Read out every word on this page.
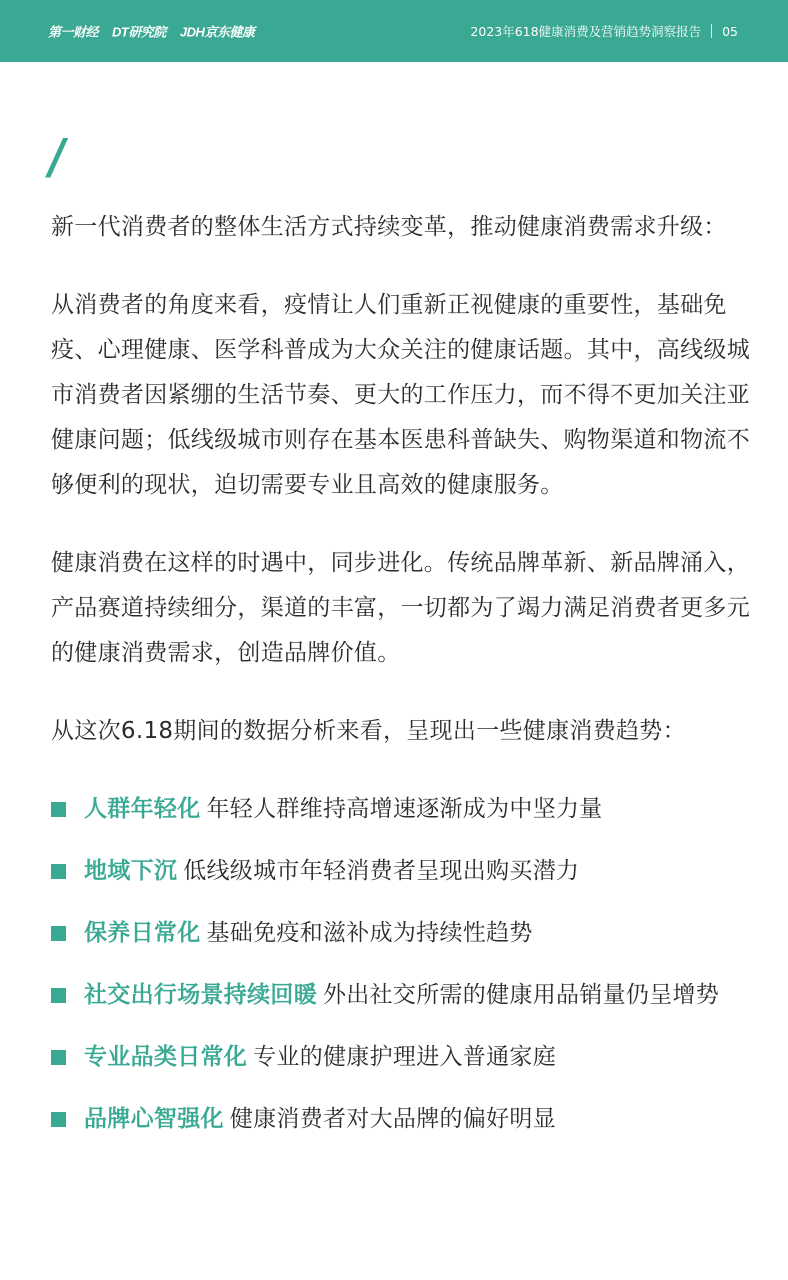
第一财经 DT研究院 JDH京东健康	2023年618健康消费及营销趋势洞察报告 05
/

新一代消费者的整体生活方式持续变革，推动健康消费需求升级：

从消费者的角度来看，疫情让人们重新正视健康的重要性，基础免疫、心理健康、医学科普成为大众关注的健康话题。其中，高线级城市消费者因紧绷的生活节奏、更大的工作压力，而不得不更加关注亚健康问题；低线级城市则存在基本医患科普缺失、购物渠道和物流不够便利的现状，迫切需要专业且高效的健康服务。

健康消费在这样的时遇中，同步进化。传统品牌革新、新品牌涌入，产品赛道持续细分，渠道的丰富，一切都为了竭力满足消费者更多元的健康消费需求，创造品牌价值。

从这次6.18期间的数据分析来看，呈现出一些健康消费趋势：

人群年轻化 年轻人群维持高增速逐渐成为中坚力量
地域下沉 低线级城市年轻消费者呈现出购买潜力
保养日常化 基础免疫和滋补成为持续性趋势
社交出行场景持续回暖 外出社交所需的健康用品销量仍呈增势
专业品类日常化 专业的健康护理进入普通家庭
品牌心智强化 健康消费者对大品牌的偏好明显
